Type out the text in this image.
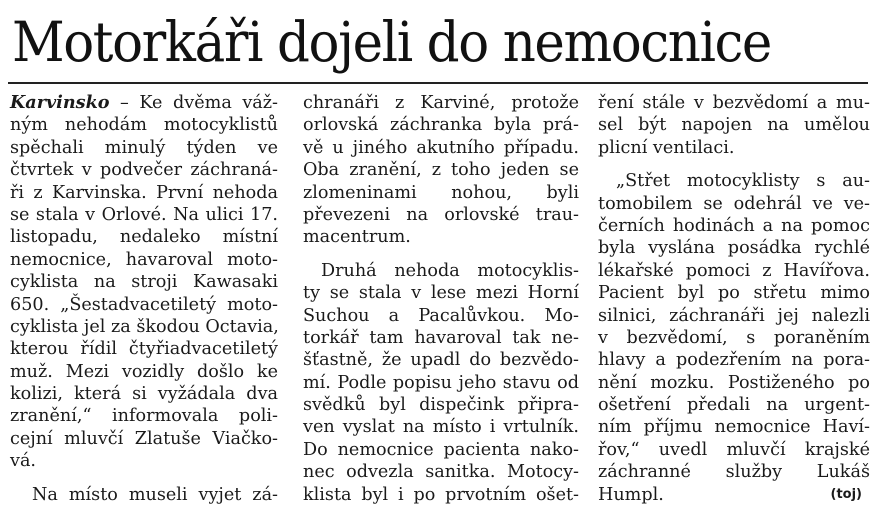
Motorkáři dojeli do nemocnice
Karvinsko – Ke dvěma váž-
ným nehodám motocyklistů
spěchali minulý týden ve
čtvrtek v podvečer záchraná-
ři z Karvinska. První nehoda
se stala v Orlové. Na ulici 17.
listopadu, nedaleko místní
nemocnice, havaroval moto-
cyklista na stroji Kawasaki
650. „Šestadvacetiletý moto-
cyklista jel za škodou Octavia,
kterou řídil čtyřiadvacetiletý
muž. Mezi vozidly došlo ke
kolizi, která si vyžádala dva
zranění,“ informovala poli-
cejní mluvčí Zlatuše Viačko-
vá.
Na místo museli vyjet zá-
chranáři z Karviné, protože
orlovská záchranka byla prá-
vě u jiného akutního případu.
Oba zranění, z toho jeden se
zlomeninami nohou, byli
převezeni na orlovské trau-
macentrum.
Druhá nehoda motocyklis-
ty se stala v lese mezi Horní
Suchou a Pacalůvkou. Mo-
torkář tam havaroval tak ne-
šťastně, že upadl do bezvědo-
mí. Podle popisu jeho stavu od
svědků byl dispečink připra-
ven vyslat na místo i vrtulník.
Do nemocnice pacienta nako-
nec odvezla sanitka. Motocy-
klista byl i po prvotním ošet-
ření stále v bezvědomí a mu-
sel být napojen na umělou
plicní ventilaci.
„Střet motocyklisty s au-
tomobilem se odehrál ve ve-
černích hodinách a na pomoc
byla vyslána posádka rychlé
lékařské pomoci z Havířova.
Pacient byl po střetu mimo
silnici, záchranáři jej nalezli
v bezvědomí, s poraněním
hlavy a podezřením na pora-
nění mozku. Postiženého po
ošetření předali na urgent-
ním příjmu nemocnice Haví-
řov,“ uvedl mluvčí krajské
záchranné služby Lukáš
Humpl.	(toj)
